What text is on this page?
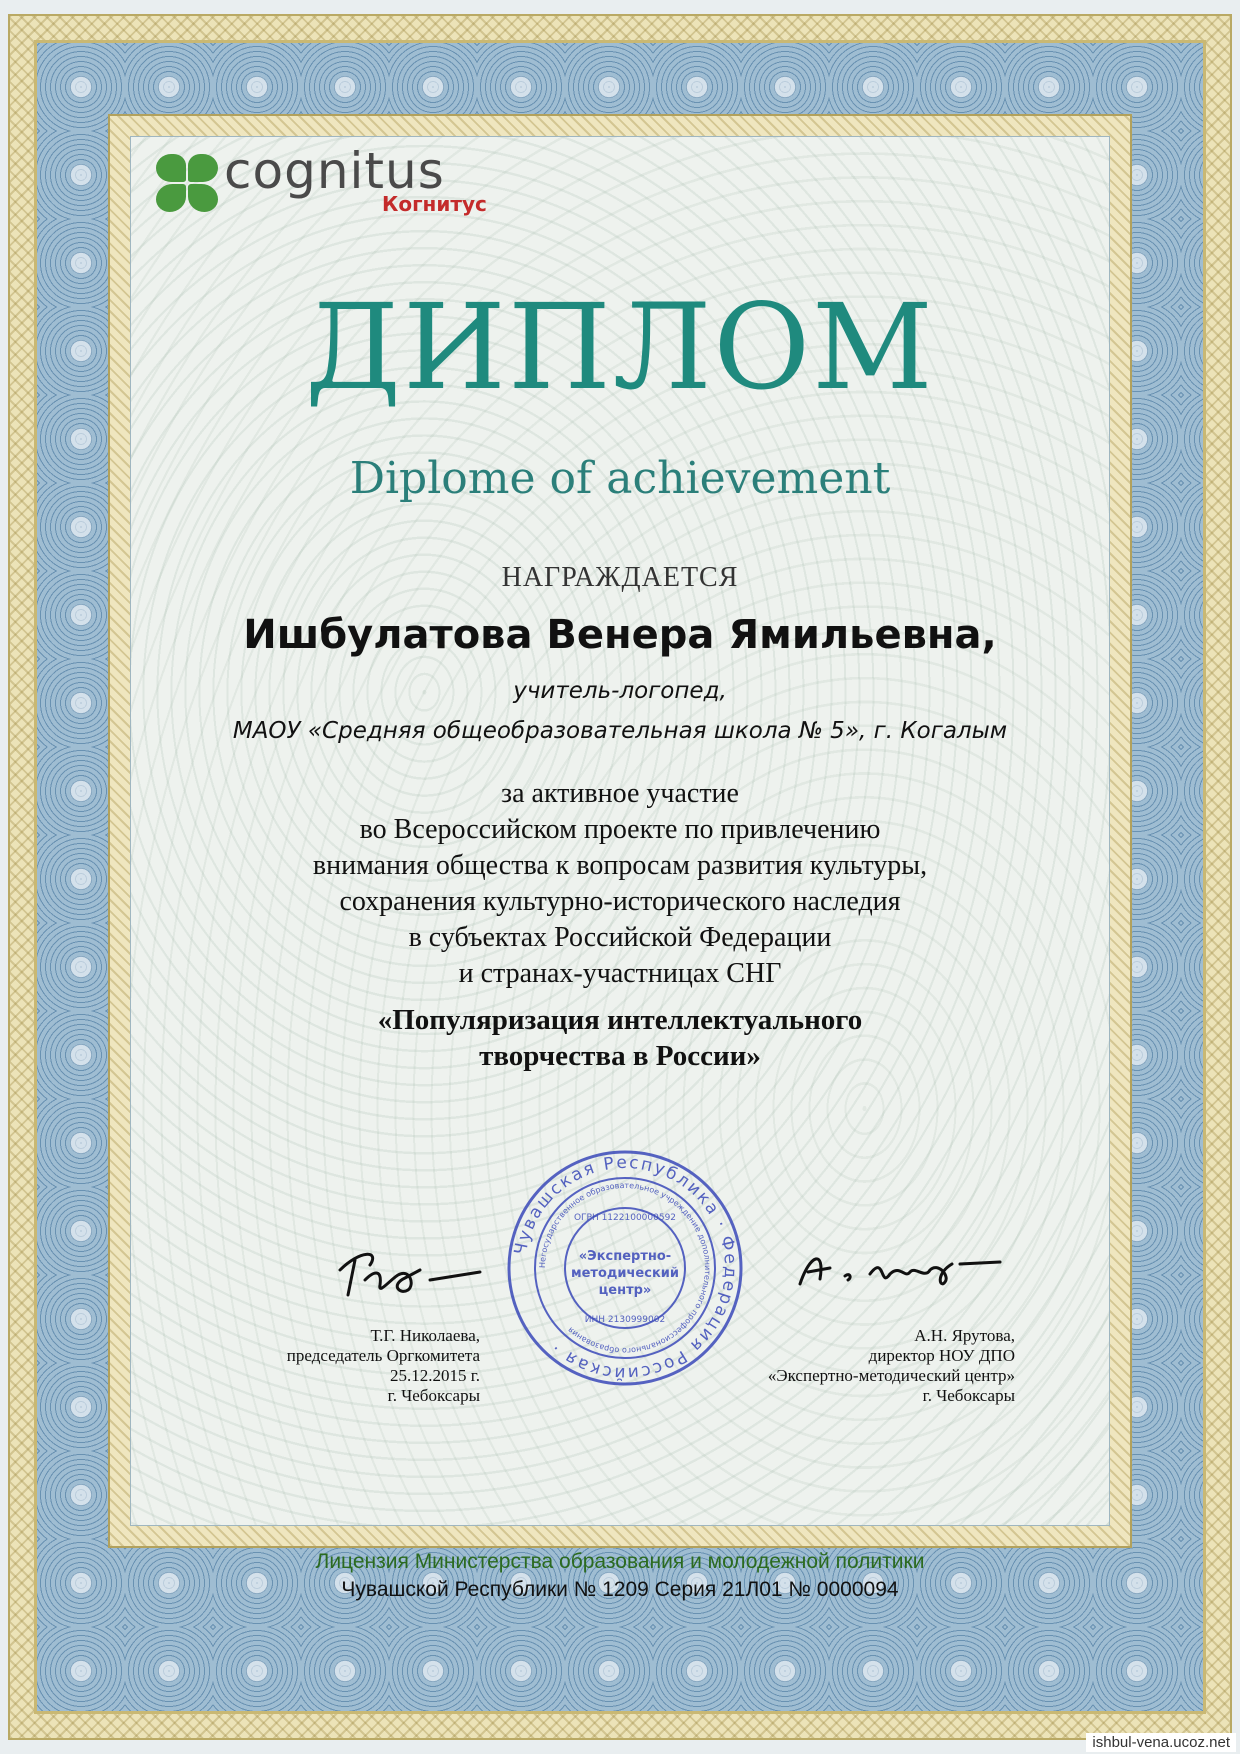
cognitus
Когнитус
ДИПЛОМ
Diplome of achievement
НАГРАЖДАЕТСЯ
Ишбулатова Венера Ямильевна,
учитель-логопед,
МАОУ «Средняя общеобразовательная школа № 5», г. Когалым
за активное участие
во Всероссийском проекте по привлечению
внимания общества к вопросам развития культуры,
сохранения культурно-исторического наследия
в субъектах Российской Федерации
и странах-участницах СНГ
«Популяризация интеллектуального
творчества в России»
Чувашская Республика · Федерация Российская ·
Негосударственное образовательное учреждение дополнительного профессионального образования
«Экспертно-
методический
центр»
ОГРН 1122100000592
ИНН 2130999002
Т.Г. Николаева,
председатель Оргкомитета
25.12.2015 г.
г. Чебоксары
А.Н. Ярутова,
директор НОУ ДПО
«Экспертно-методический центр»
г. Чебоксары
Лицензия Министерства образования и молодежной политики
Чувашской Республики № 1209 Серия 21Л01 № 0000094
ishbul-vena.ucoz.net
